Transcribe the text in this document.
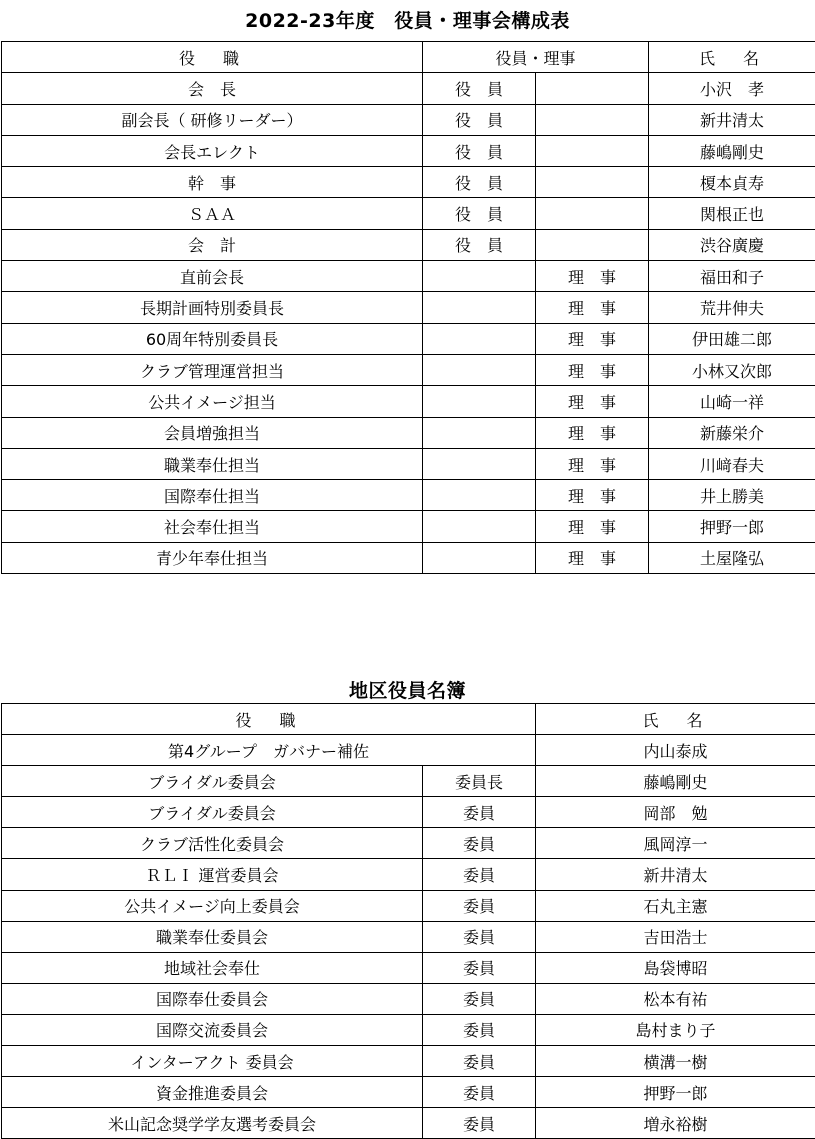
2022-23年度　役員・理事会構成表
役　職	役員・理事		氏　名
会　長	役　員		小沢　孝
副会長（ 研修リーダー）	役　員		新井清太
会長エレクト	役　員		藤嶋剛史
幹　事	役　員		榎本貞寿
ＳＡＡ	役　員		関根正也
会　計	役　員		渋谷廣慶
直前会長		理　事	福田和子
長期計画特別委員長		理　事	荒井伸夫
60周年特別委員長		理　事	伊田雄二郎
クラブ管理運営担当		理　事	小林又次郎
公共イメージ担当		理　事	山崎一祥
会員増強担当		理　事	新藤栄介
職業奉仕担当		理　事	川﨑春夫
国際奉仕担当		理　事	井上勝美
社会奉仕担当		理　事	押野一郎
青少年奉仕担当		理　事	土屋隆弘
地区役員名簿
役　職		氏　名
第4グループ　ガバナー補佐		内山泰成
ブライダル委員会	委員長	藤嶋剛史
ブライダル委員会	委員	岡部　勉
クラブ活性化委員会	委員	風岡淳一
ＲＬＩ 運営委員会	委員	新井清太
公共イメージ向上委員会	委員	石丸主憲
職業奉仕委員会	委員	吉田浩士
地域社会奉仕	委員	島袋博昭
国際奉仕委員会	委員	松本有祐
国際交流委員会	委員	島村まり子
インターアクト 委員会	委員	横溝一樹
資金推進委員会	委員	押野一郎
米山記念奨学学友選考委員会	委員	増永裕樹
